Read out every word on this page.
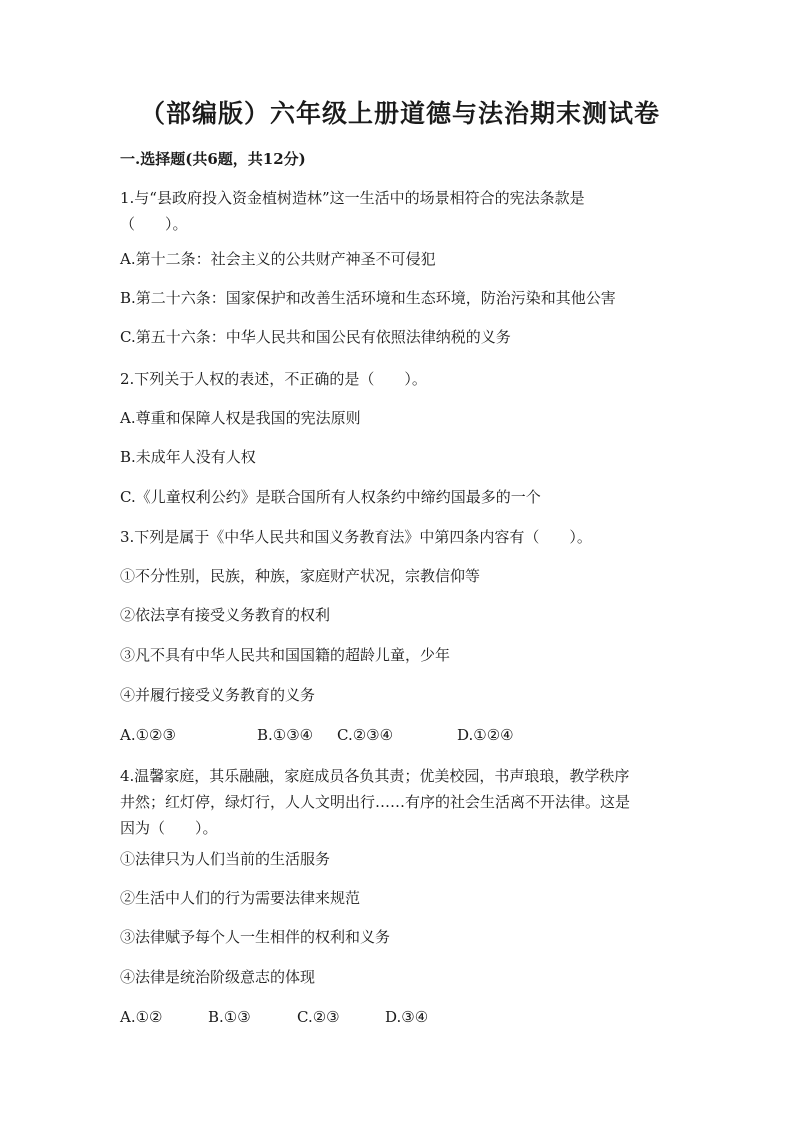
（部编版）六年级上册道德与法治期末测试卷
一.选择题(共6题，共12分)
1.与“县政府投入资金植树造林”这一生活中的场景相符合的宪法条款是
（　　）。
A.第十二条：社会主义的公共财产神圣不可侵犯
B.第二十六条：国家保护和改善生活环境和生态环境，防治污染和其他公害
C.第五十六条：中华人民共和国公民有依照法律纳税的义务
2.下列关于人权的表述，不正确的是（　　）。
A.尊重和保障人权是我国的宪法原则
B.未成年人没有人权
C.《儿童权利公约》是联合国所有人权条约中缔约国最多的一个
3.下列是属于《中华人民共和国义务教育法》中第四条内容有（　　）。
①不分性别，民族，种族，家庭财产状况，宗教信仰等
②依法享有接受义务教育的权利
③凡不具有中华人民共和国国籍的超龄儿童，少年
④并履行接受义务教育的义务
A.①②③	B.①③④ C.②③④	D.①②④
4.温馨家庭，其乐融融，家庭成员各负其责；优美校园，书声琅琅，教学秩序
井然；红灯停，绿灯行，人人文明出行……有序的社会生活离不开法律。这是
因为（　　）。
①法律只为人们当前的生活服务
②生活中人们的行为需要法律来规范
③法律赋予每个人一生相伴的权利和义务
④法律是统治阶级意志的体现
A.①②	B.①③	C.②③	D.③④
